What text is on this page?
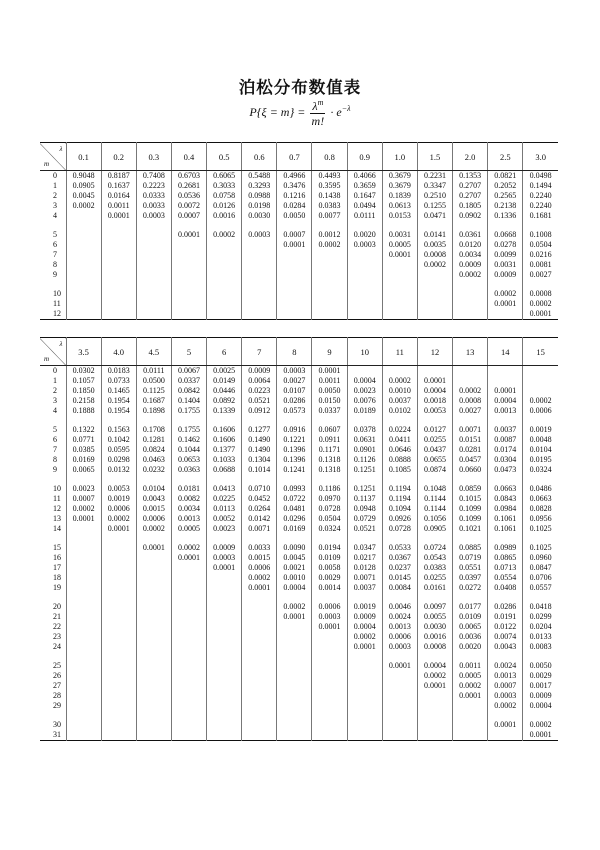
泊松分布数值表
$P\{\xi = m\} = \frac{\lambda^m}{m!} \cdot e^{-\lambda}$
λ
m	0.1	0.2	0.3	0.4	0.5	0.6	0.7	0.8	0.9	1.0	1.5	2.0	2.5	3.0
0	0.9048	0.8187	0.7408	0.6703	0.6065	0.5488	0.4966	0.4493	0.4066	0.3679	0.2231	0.1353	0.0821	0.0498
1	0.0905	0.1637	0.2223	0.2681	0.3033	0.3293	0.3476	0.3595	0.3659	0.3679	0.3347	0.2707	0.2052	0.1494
2	0.0045	0.0164	0.0333	0.0536	0.0758	0.0988	0.1216	0.1438	0.1647	0.1839	0.2510	0.2707	0.2565	0.2240
3	0.0002	0.0011	0.0033	0.0072	0.0126	0.0198	0.0284	0.0383	0.0494	0.0613	0.1255	0.1805	0.2138	0.2240
4		0.0001	0.0003	0.0007	0.0016	0.0030	0.0050	0.0077	0.0111	0.0153	0.0471	0.0902	0.1336	0.1681

5				0.0001	0.0002	0.0003	0.0007	0.0012	0.0020	0.0031	0.0141	0.0361	0.0668	0.1008
6							0.0001	0.0002	0.0003	0.0005	0.0035	0.0120	0.0278	0.0504
7										0.0001	0.0008	0.0034	0.0099	0.0216
8											0.0002	0.0009	0.0031	0.0081
9												0.0002	0.0009	0.0027

10													0.0002	0.0008
11													0.0001	0.0002
12														0.0001
λ
m	3.5	4.0	4.5	5	6	7	8	9	10	11	12	13	14	15
0	0.0302	0.0183	0.0111	0.0067	0.0025	0.0009	0.0003	0.0001						
1	0.1057	0.0733	0.0500	0.0337	0.0149	0.0064	0.0027	0.0011	0.0004	0.0002	0.0001			
2	0.1850	0.1465	0.1125	0.0842	0.0446	0.0223	0.0107	0.0050	0.0023	0.0010	0.0004	0.0002	0.0001	
3	0.2158	0.1954	0.1687	0.1404	0.0892	0.0521	0.0286	0.0150	0.0076	0.0037	0.0018	0.0008	0.0004	0.0002
4	0.1888	0.1954	0.1898	0.1755	0.1339	0.0912	0.0573	0.0337	0.0189	0.0102	0.0053	0.0027	0.0013	0.0006

5	0.1322	0.1563	0.1708	0.1755	0.1606	0.1277	0.0916	0.0607	0.0378	0.0224	0.0127	0.0071	0.0037	0.0019
6	0.0771	0.1042	0.1281	0.1462	0.1606	0.1490	0.1221	0.0911	0.0631	0.0411	0.0255	0.0151	0.0087	0.0048
7	0.0385	0.0595	0.0824	0.1044	0.1377	0.1490	0.1396	0.1171	0.0901	0.0646	0.0437	0.0281	0.0174	0.0104
8	0.0169	0.0298	0.0463	0.0653	0.1033	0.1304	0.1396	0.1318	0.1126	0.0888	0.0655	0.0457	0.0304	0.0195
9	0.0065	0.0132	0.0232	0.0363	0.0688	0.1014	0.1241	0.1318	0.1251	0.1085	0.0874	0.0660	0.0473	0.0324

10	0.0023	0.0053	0.0104	0.0181	0.0413	0.0710	0.0993	0.1186	0.1251	0.1194	0.1048	0.0859	0.0663	0.0486
11	0.0007	0.0019	0.0043	0.0082	0.0225	0.0452	0.0722	0.0970	0.1137	0.1194	0.1144	0.1015	0.0843	0.0663
12	0.0002	0.0006	0.0015	0.0034	0.0113	0.0264	0.0481	0.0728	0.0948	0.1094	0.1144	0.1099	0.0984	0.0828
13	0.0001	0.0002	0.0006	0.0013	0.0052	0.0142	0.0296	0.0504	0.0729	0.0926	0.1056	0.1099	0.1061	0.0956
14		0.0001	0.0002	0.0005	0.0023	0.0071	0.0169	0.0324	0.0521	0.0728	0.0905	0.1021	0.1061	0.1025

15			0.0001	0.0002	0.0009	0.0033	0.0090	0.0194	0.0347	0.0533	0.0724	0.0885	0.0989	0.1025
16				0.0001	0.0003	0.0015	0.0045	0.0109	0.0217	0.0367	0.0543	0.0719	0.0865	0.0960
17					0.0001	0.0006	0.0021	0.0058	0.0128	0.0237	0.0383	0.0551	0.0713	0.0847
18						0.0002	0.0010	0.0029	0.0071	0.0145	0.0255	0.0397	0.0554	0.0706
19						0.0001	0.0004	0.0014	0.0037	0.0084	0.0161	0.0272	0.0408	0.0557

20							0.0002	0.0006	0.0019	0.0046	0.0097	0.0177	0.0286	0.0418
21							0.0001	0.0003	0.0009	0.0024	0.0055	0.0109	0.0191	0.0299
22								0.0001	0.0004	0.0013	0.0030	0.0065	0.0122	0.0204
23									0.0002	0.0006	0.0016	0.0036	0.0074	0.0133
24									0.0001	0.0003	0.0008	0.0020	0.0043	0.0083

25										0.0001	0.0004	0.0011	0.0024	0.0050
26											0.0002	0.0005	0.0013	0.0029
27											0.0001	0.0002	0.0007	0.0017
28												0.0001	0.0003	0.0009
29													0.0002	0.0004

30													0.0001	0.0002
31														0.0001
